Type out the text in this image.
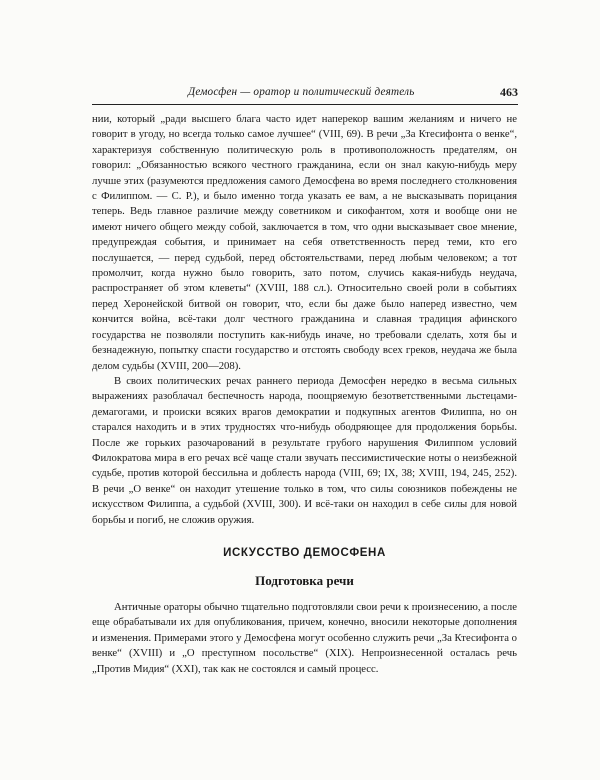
Демосфен — оратор и политический деятель	463

нии, который „ради высшего блага часто идет наперекор вашим желаниям и ничего не говорит в угоду, но всегда только самое лучшее“ (VIII, 69). В речи „За Ктесифонта о венке“, характеризуя собственную политическую роль в противоположность предателям, он говорил: „Обязанностью всякого честного гражданина, если он знал какую-нибудь меру лучше этих (разумеются предложения самого Демосфена во время последнего столкновения с Филиппом. — С. Р.), и было именно тогда указать ее вам, а не высказывать порицания теперь. Ведь главное различие между советником и сикофантом, хотя и вообще они не имеют ничего общего между собой, заключается в том, что одни высказывает свое мнение, предупреждая события, и принимает на себя ответственность перед теми, кто его послушается, — перед судьбой, перед обстоятельствами, перед любым человеком; а тот промолчит, когда нужно было говорить, зато потом, случись какая-нибудь неудача, распространяет об этом клеветы“ (XVIII, 188 сл.). Относительно своей роли в событиях перед Херонейской битвой он говорит, что, если бы даже было наперед известно, чем кончится война, всё-таки долг честного гражданина и славная традиция афинского государства не позволяли поступить как-нибудь иначе, но требовали сделать, хотя бы и безнадежную, попытку спасти государство и отстоять свободу всех греков, неудача же была делом судьбы (XVIII, 200—208).

В своих политических речах раннего периода Демосфен нередко в весьма сильных выражениях разоблачал беспечность народа, поощряемую безответственными льстецами-демагогами, и происки всяких врагов демократии и подкупных агентов Филиппа, но он старался находить и в этих трудностях что-нибудь ободряющее для продолжения борьбы. После же горьких разочарований в результате грубого нарушения Филиппом условий Филократова мира в его речах всё чаще стали звучать пессимистические ноты о неизбежной судьбе, против которой бессильна и доблесть народа (VIII, 69; IX, 38; XVIII, 194, 245, 252). В речи „О венке“ он находит утешение только в том, что силы союзников побеждены не искусством Филиппа, а судьбой (XVIII, 300). И всё-таки он находил в себе силы для новой борьбы и погиб, не сложив оружия.

ИСКУССТВО ДЕМОСФЕНА
Подготовка речи

Античные ораторы обычно тщательно подготовляли свои речи к произнесению, а после еще обрабатывали их для опубликования, причем, конечно, вносили некоторые дополнения и изменения. Примерами этого у Демосфена могут особенно служить речи „За Ктесифонта о венке“ (XVIII) и „О преступном посольстве“ (XIX). Непроизнесенной осталась речь „Против Мидия“ (XXI), так как не состоялся и самый процесс.
